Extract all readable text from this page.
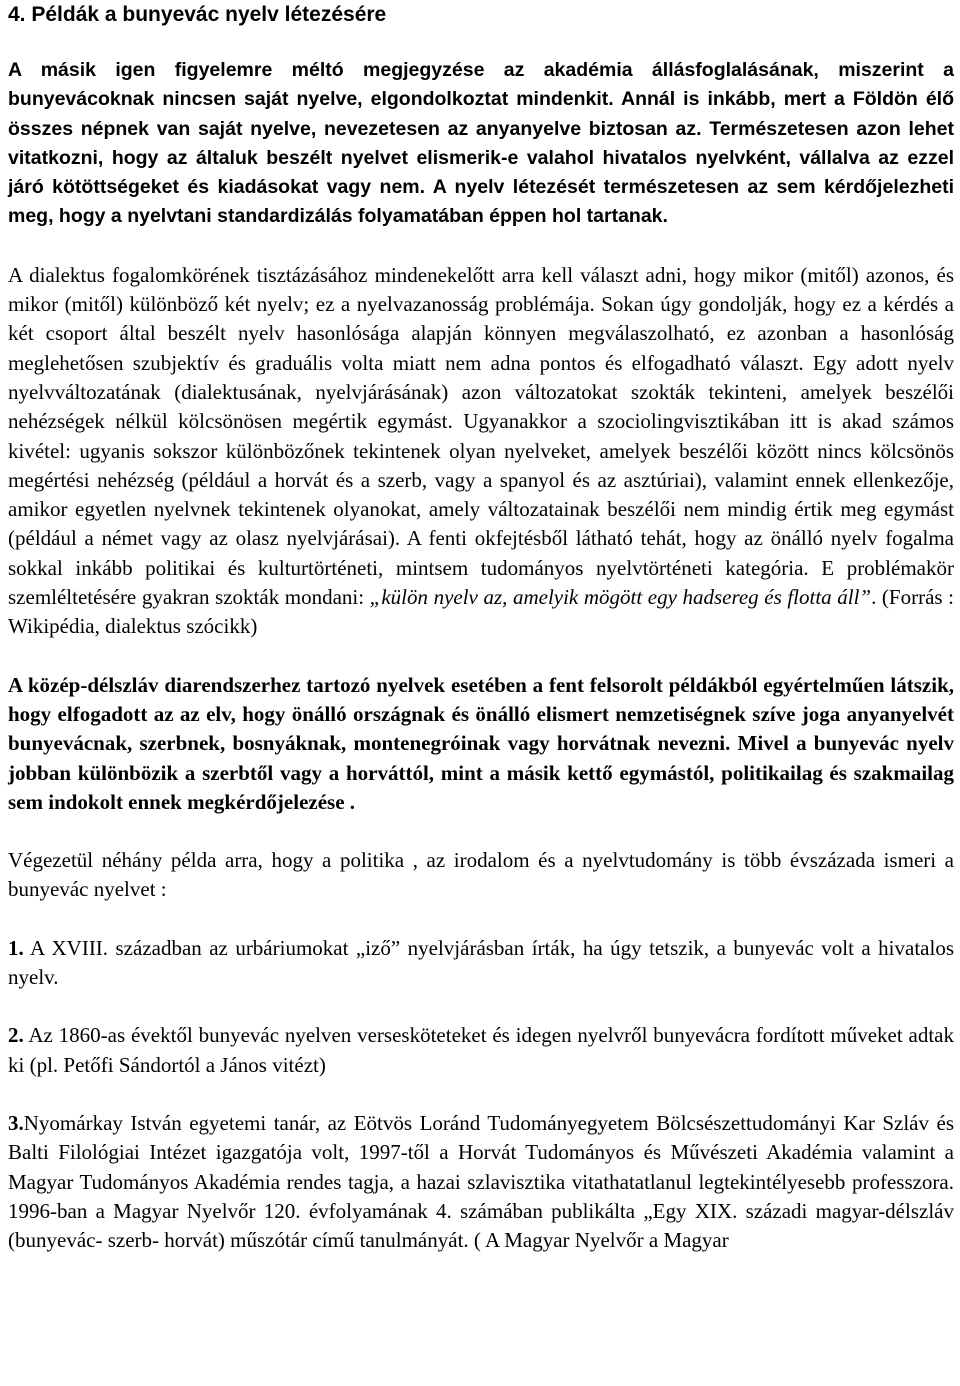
4. Példák a bunyevác nyelv létezésére

A másik igen figyelemre méltó megjegyzése az akadémia állásfoglalásának, miszerint a bunyevácoknak nincsen saját nyelve, elgondolkoztat mindenkit. Annál is inkább, mert a Földön élő összes népnek van saját nyelve, nevezetesen az anyanyelve biztosan az. Természetesen azon lehet vitatkozni, hogy az általuk beszélt nyelvet elismerik-e valahol hivatalos nyelvként, vállalva az ezzel járó kötöttségeket és kiadásokat vagy nem. A nyelv létezését természetesen az sem kérdőjelezheti meg, hogy a nyelvtani standardizálás folyamatában éppen hol tartanak.

A dialektus fogalomkörének tisztázásához mindenekelőtt arra kell választ adni, hogy mikor (mitől) azonos, és mikor (mitől) különböző két nyelv; ez a nyelvazanosság problémája. Sokan úgy gondolják, hogy ez a kérdés a két csoport által beszélt nyelv hasonlósága alapján könnyen megválaszolható, ez azonban a hasonlóság meglehetősen szubjektív és graduális volta miatt nem adna pontos és elfogadható választ. Egy adott nyelv nyelvváltozatának (dialektusának, nyelvjárásának) azon változatokat szokták tekinteni, amelyek beszélői nehézségek nélkül kölcsönösen megértik egymást. Ugyanakkor a szociolingvisztikában itt is akad számos kivétel: ugyanis sokszor különbözőnek tekintenek olyan nyelveket, amelyek beszélői között nincs kölcsönös megértési nehézség (például a horvát és a szerb, vagy a spanyol és az asztúriai), valamint ennek ellenkezője, amikor egyetlen nyelvnek tekintenek olyanokat, amely változatainak beszélői nem mindig értik meg egymást (például a német vagy az olasz nyelvjárásai). A fenti okfejtésből látható tehát, hogy az önálló nyelv fogalma sokkal inkább politikai és kulturtörténeti, mintsem tudományos nyelvtörténeti kategória. E problémakör szemléltetésére gyakran szokták mondani: „külön nyelv az, amelyik mögött egy hadsereg és flotta áll”. (Forrás : Wikipédia, dialektus szócikk)

A közép-délszláv diarendszerhez tartozó nyelvek esetében a fent felsorolt példákból egyértelműen látszik, hogy elfogadott az az elv, hogy önálló országnak és önálló elismert nemzetiségnek szíve joga anyanyelvét bunyevácnak, szerbnek, bosnyáknak, montenegróinak vagy horvátnak nevezni. Mivel a bunyevác nyelv jobban különbözik a szerbtől vagy a horváttól, mint a másik kettő egymástól, politikailag és szakmailag sem indokolt ennek megkérdőjelezése .

Végezetül néhány példa arra, hogy a politika , az irodalom és a nyelvtudomány is több évszázada ismeri a bunyevác nyelvet :

1. A XVIII. században az urbáriumokat „iző” nyelvjárásban írták, ha úgy tetszik, a bunyevác volt a hivatalos nyelv.

2. Az 1860-as évektől bunyevác nyelven versesköteteket és idegen nyelvről bunyevácra fordított műveket adtak ki (pl. Petőfi Sándortól a János vitézt)

3.Nyomárkay István egyetemi tanár, az Eötvös Loránd Tudományegyetem Bölcsészettudományi Kar Szláv és Balti Filológiai Intézet igazgatója volt, 1997-től a Horvát Tudományos és Művészeti Akadémia valamint a Magyar Tudományos Akadémia rendes tagja, a hazai szlavisztika vitathatatlanul legtekintélyesebb professzora. 1996-ban a Magyar Nyelvőr 120. évfolyamának 4. számában publikálta „Egy XIX. századi magyar-délszláv (bunyevác- szerb- horvát) műszótár című tanulmányát. ( A Magyar Nyelvőr a Magyar
